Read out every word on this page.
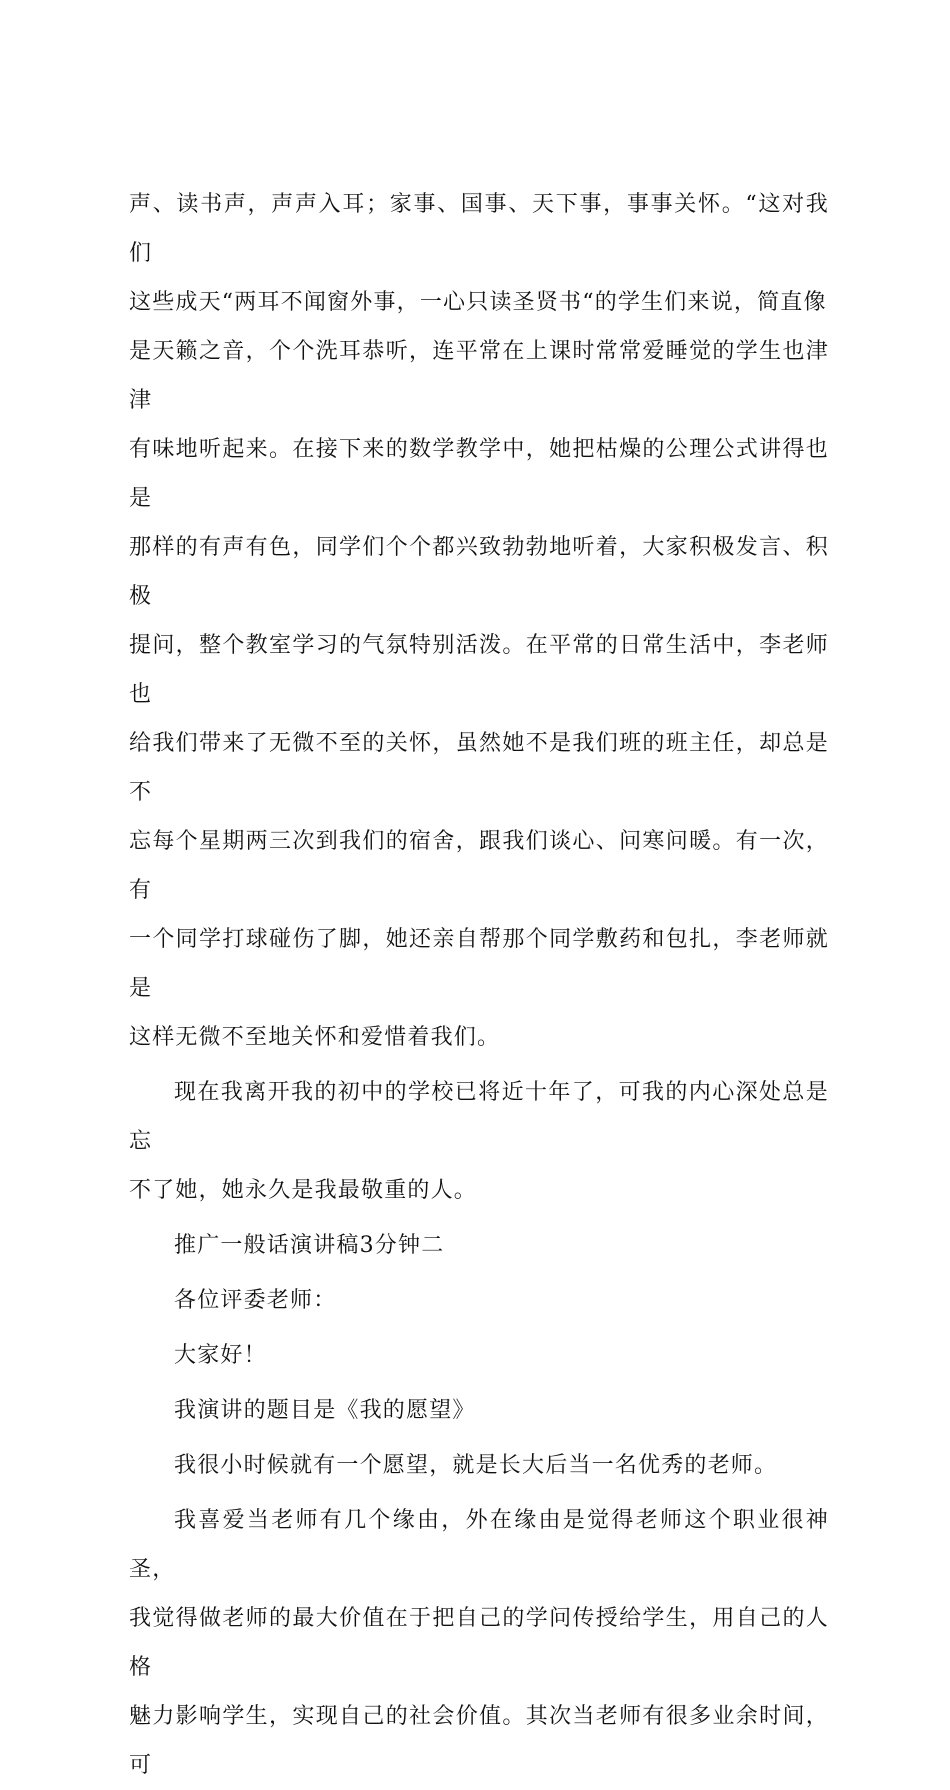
声、读书声，声声入耳；家事、国事、天下事，事事关怀。“这对我们
这些成天“两耳不闻窗外事，一心只读圣贤书“的学生们来说，简直像
是天籁之音，个个洗耳恭听，连平常在上课时常常爱睡觉的学生也津津
有味地听起来。在接下来的数学教学中，她把枯燥的公理公式讲得也是
那样的有声有色，同学们个个都兴致勃勃地听着，大家积极发言、积极
提问，整个教室学习的气氛特别活泼。在平常的日常生活中，李老师也
给我们带来了无微不至的关怀，虽然她不是我们班的班主任，却总是不
忘每个星期两三次到我们的宿舍，跟我们谈心、问寒问暖。有一次，有
一个同学打球碰伤了脚，她还亲自帮那个同学敷药和包扎，李老师就是
这样无微不至地关怀和爱惜着我们。

现在我离开我的初中的学校已将近十年了，可我的内心深处总是忘
不了她，她永久是我最敬重的人。

推广一般话演讲稿3分钟二

各位评委老师：

大家好！

我演讲的题目是《我的愿望》

我很小时候就有一个愿望，就是长大后当一名优秀的老师。

我喜爱当老师有几个缘由，外在缘由是觉得老师这个职业很神圣，
我觉得做老师的最大价值在于把自己的学问传授给学生，用自己的人格
魅力影响学生，实现自己的社会价值。其次当老师有很多业余时间，可
